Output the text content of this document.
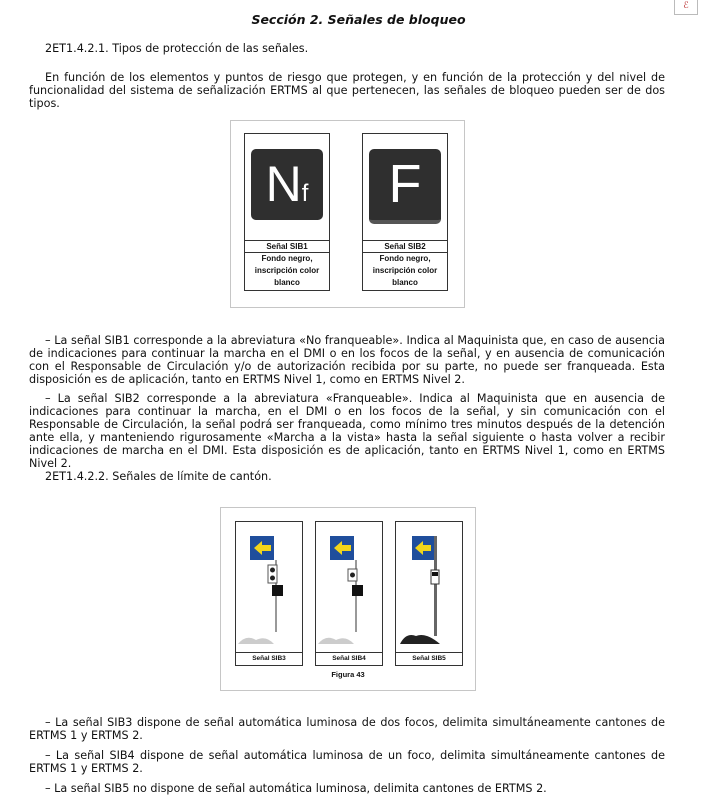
ℰ
Sección 2. Señales de bloqueo
2ET1.4.2.1. Tipos de protección de las señales.

En función de los elementos y puntos de riesgo que protegen, y en función de la protección y del nivel de funcionalidad del sistema de señalización ERTMS al que pertenecen, las señales de bloqueo pueden ser de dos tipos.

Nf
Señal SIB1
Fondo negro,
inscripción color
blanco
F
Señal SIB2
Fondo negro,
inscripción color
blanco

– La señal SIB1 corresponde a la abreviatura «No franqueable». Indica al Maquinista que, en caso de ausencia de indicaciones para continuar la marcha en el DMI o en los focos de la señal, y en ausencia de comunicación con el Responsable de Circulación y/o de autorización recibida por su parte, no puede ser franqueada. Esta disposición es de aplicación, tanto en ERTMS Nivel 1, como en ERTMS Nivel 2.

– La señal SIB2 corresponde a la abreviatura «Franqueable». Indica al Maquinista que en ausencia de indicaciones para continuar la marcha, en el DMI o en los focos de la señal, y sin comunicación con el Responsable de Circulación, la señal podrá ser franqueada, como mínimo tres minutos después de la detención ante ella, y manteniendo rigurosamente «Marcha a la vista» hasta la señal siguiente o hasta volver a recibir indicaciones de marcha en el DMI. Esta disposición es de aplicación, tanto en ERTMS Nivel 1, como en ERTMS Nivel 2.

2ET1.4.2.2. Señales de límite de cantón.
Señal SIB3	Señal SIB4	Señal SIB5
Figura 43

– La señal SIB3 dispone de señal automática luminosa de dos focos, delimita simultáneamente cantones de ERTMS 1 y ERTMS 2.

– La señal SIB4 dispone de señal automática luminosa de un foco, delimita simultáneamente cantones de ERTMS 1 y ERTMS 2.

– La señal SIB5 no dispone de señal automática luminosa, delimita cantones de ERTMS 2.
